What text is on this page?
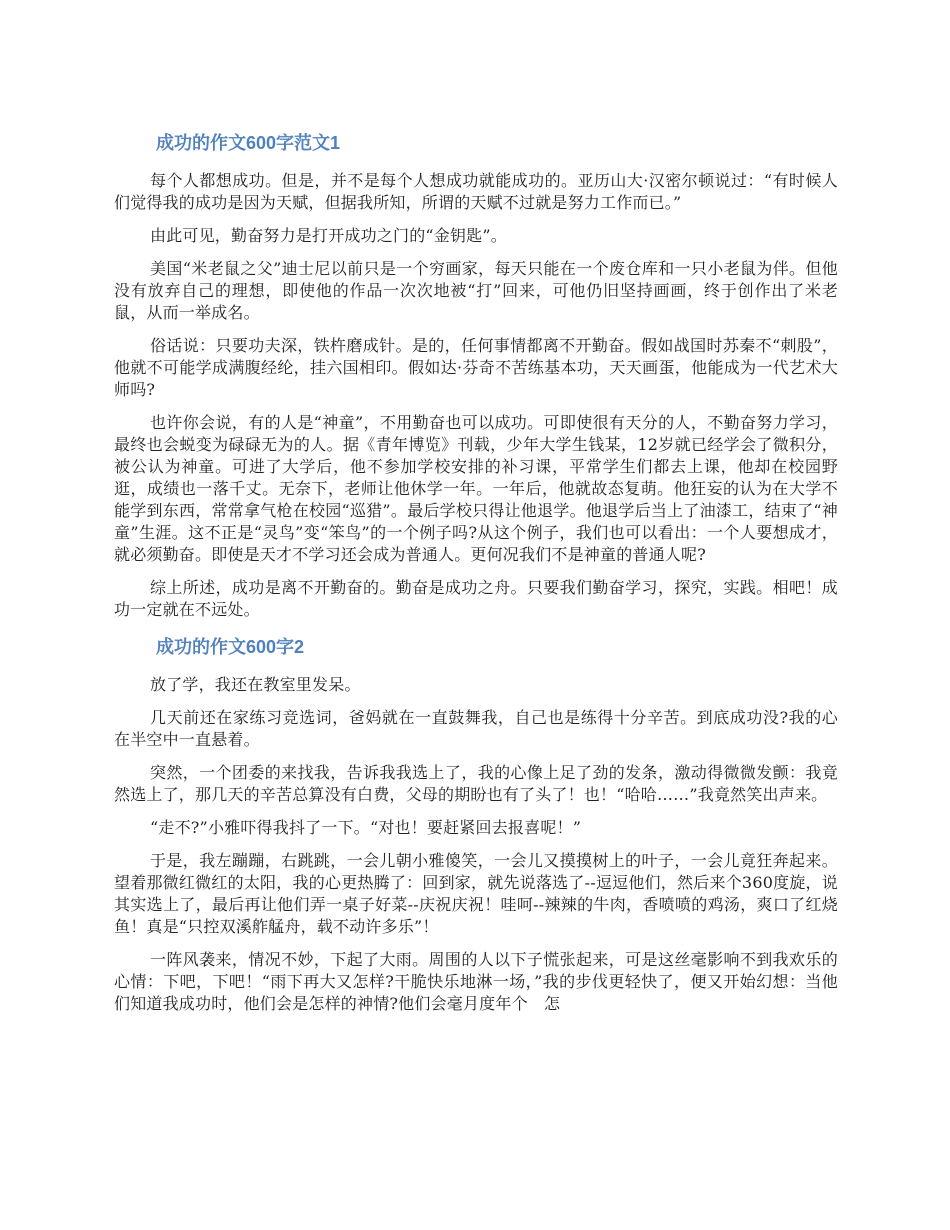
成功的作文600字范文1

每个人都想成功。但是，并不是每个人想成功就能成功的。亚历山大·汉密尔顿说过：“有时候人们觉得我的成功是因为天赋，但据我所知，所谓的天赋不过就是努力工作而已。”

由此可见，勤奋努力是打开成功之门的“金钥匙”。

美国“米老鼠之父”迪士尼以前只是一个穷画家，每天只能在一个废仓库和一只小老鼠为伴。但他没有放弃自己的理想，即使他的作品一次次地被“打”回来，可他仍旧坚持画画，终于创作出了米老鼠，从而一举成名。

俗话说：只要功夫深，铁杵磨成针。是的，任何事情都离不开勤奋。假如战国时苏秦不“刺股”，他就不可能学成满腹经纶，挂六国相印。假如达·芬奇不苦练基本功，天天画蛋，他能成为一代艺术大师吗?

也许你会说，有的人是“神童”，不用勤奋也可以成功。可即使很有天分的人，不勤奋努力学习，最终也会蜕变为碌碌无为的人。据《青年博览》刊载，少年大学生钱某，12岁就已经学会了微积分，被公认为神童。可进了大学后，他不参加学校安排的补习课，平常学生们都去上课，他却在校园野逛，成绩也一落千丈。无奈下，老师让他休学一年。一年后，他就故态复萌。他狂妄的认为在大学不能学到东西，常常拿气枪在校园“巡猎”。最后学校只得让他退学。他退学后当上了油漆工，结束了“神童”生涯。这不正是“灵鸟”变“笨鸟”的一个例子吗?从这个例子，我们也可以看出：一个人要想成才，就必须勤奋。即使是天才不学习还会成为普通人。更何况我们不是神童的普通人呢?

综上所述，成功是离不开勤奋的。勤奋是成功之舟。只要我们勤奋学习，探究，实践。相吧！成功一定就在不远处。

成功的作文600字2

放了学，我还在教室里发呆。

几天前还在家练习竞选词，爸妈就在一直鼓舞我，自己也是练得十分辛苦。到底成功没?我的心在半空中一直悬着。

突然，一个团委的来找我，告诉我我选上了，我的心像上足了劲的发条，激动得微微发颤：我竟然选上了，那几天的辛苦总算没有白费，父母的期盼也有了头了！也！“哈哈……”我竟然笑出声来。

“走不?”小雅吓得我抖了一下。“对也！要赶紧回去报喜呢！”

于是，我左蹦蹦，右跳跳，一会儿朝小雅傻笑，一会儿又摸摸树上的叶子，一会儿竟狂奔起来。望着那微红微红的太阳，我的心更热腾了：回到家，就先说落选了--逗逗他们，然后来个360度旋，说其实选上了，最后再让他们弄一桌子好菜--庆祝庆祝！哇呵--辣辣的牛肉，香喷喷的鸡汤，爽口了红烧鱼！真是“只控双溪舴艋舟，载不动许多乐”！

一阵风袭来，情况不妙，下起了大雨。周围的人以下子慌张起来，可是这丝毫影响不到我欢乐的心情：下吧，下吧！“雨下再大又怎样?干脆快乐地淋一场，”我的步伐更轻快了，便又开始幻想：当他们知道我成功时，他们会是怎样的神情?他们会毫月度年个　怎
